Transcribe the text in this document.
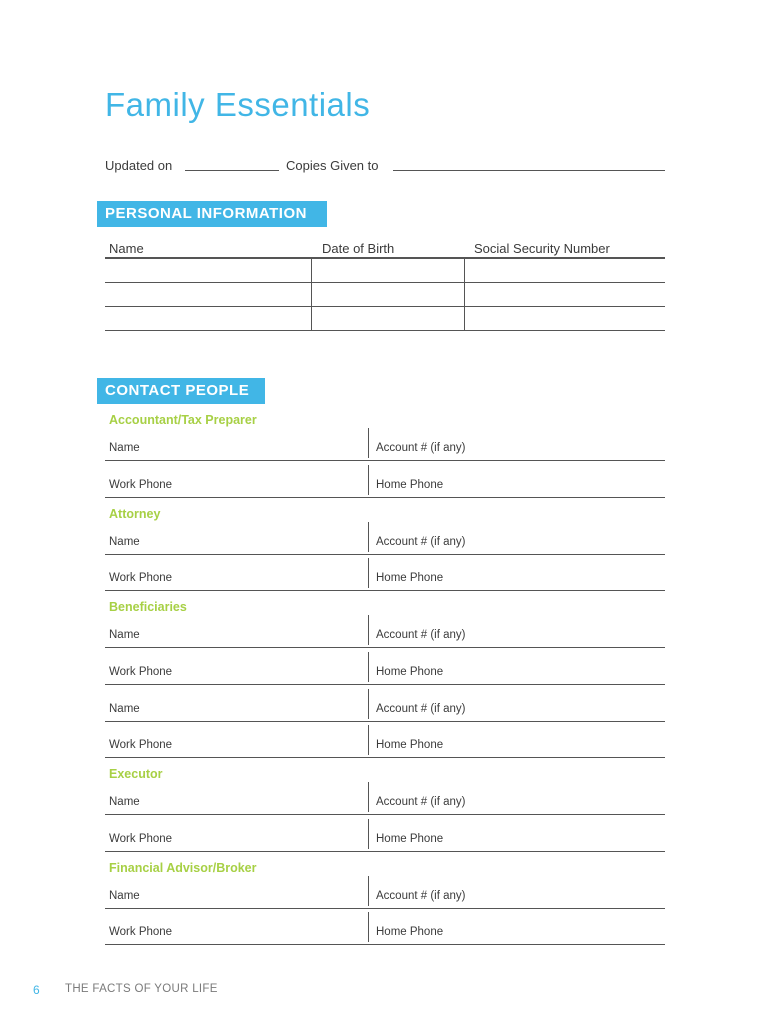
Family Essentials
Updated on	Copies Given to
PERSONAL INFORMATION
Name	Date of Birth	Social Security Number
CONTACT PEOPLE
Accountant/Tax Preparer
Name	Account # (if any)
Work Phone	Home Phone
Attorney
Name	Account # (if any)
Work Phone	Home Phone
Beneficiaries
Name	Account # (if any)
Work Phone	Home Phone
Name	Account # (if any)
Work Phone	Home Phone
Executor
Name	Account # (if any)
Work Phone	Home Phone
Financial Advisor/Broker
Name	Account # (if any)
Work Phone	Home Phone
6 THE FACTS OF YOUR LIFE
